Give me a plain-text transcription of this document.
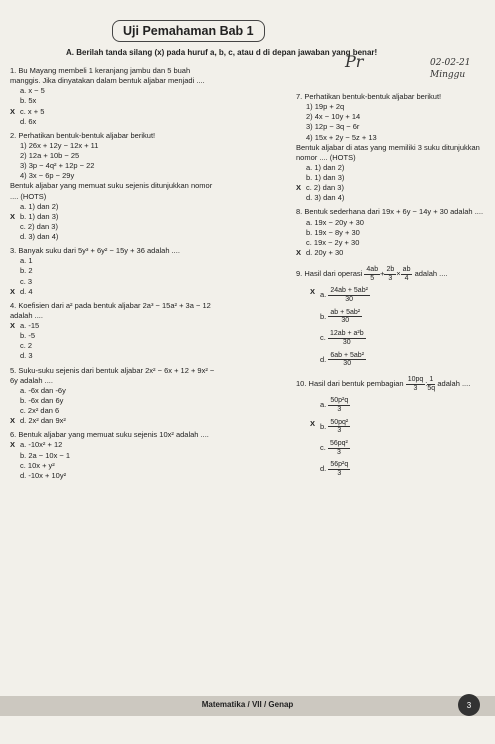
Uji Pemahaman Bab 1
Pr	02-02-21
Minggu
A. Berilah tanda silang (x) pada huruf a, b, c, atau d di depan jawaban yang benar!
1. Bu Mayang membeli 1 keranjang jambu dan 5 buah manggis. Jika dinyatakan dalam bentuk aljabar menjadi ....
a. x − 5
b. 5x
X c. x + 5
d. 6x
2. Perhatikan bentuk-bentuk aljabar berikut!
1) 26x + 12y − 12x + 11
2) 12a + 10b − 25
3) 3p − 4q² + 12p − 22
4) 3x − 6p − 29y
Bentuk aljabar yang memuat suku sejenis ditunjukkan nomor .... (HOTS)
a. 1) dan 2)
X b. 1) dan 3)
c. 2) dan 3)
d. 3) dan 4)
3. Banyak suku dari 5y³ + 6y² − 15y + 36 adalah ....
a. 1
b. 2
c. 3
X d. 4
4. Koefisien dari a² pada bentuk aljabar 2a³ − 15a² + 3a − 12 adalah ....
X a. -15
b. -5
c. 2
d. 3
5. Suku-suku sejenis dari bentuk aljabar 2x² − 6x + 12 + 9x² − 6y adalah ....
a. -6x dan -6y
b. -6x dan 6y
c. 2x² dan 6
X d. 2x² dan 9x²
6. Bentuk aljabar yang memuat suku sejenis 10x² adalah ....
X a. -10x² + 12
b. 2a − 10x − 1
c. 10x + y²
d. -10x + 10y²
7. Perhatikan bentuk-bentuk aljabar berikut!
1) 19p + 2q
2) 4x − 10y + 14
3) 12p − 3q − 6r
4) 15x + 2y − 5z + 13
Bentuk aljabar di atas yang memiliki 3 suku ditunjukkan nomor .... (HOTS)
a. 1) dan 2)
b. 1) dan 3)
X c. 2) dan 3)
d. 3) dan 4)
8. Bentuk sederhana dari 19x + 6y − 14y + 30 adalah ....
a. 19x − 20y + 30
b. 19x − 8y + 30
c. 19x − 2y + 30
X d. 20y + 30
9. Hasil dari operasi $\frac{4ab}{5} + \frac{2b}{3} \times \frac{ab}{4}$ adalah ....
X a. $\frac{\text{24ab + 5ab²}}{30}$
b. $\frac{\text{ab + 5ab²}}{30}$
c. $\frac{\text{12ab + a²b}}{30}$
d. $\frac{\text{6ab + 5ab²}}{30}$
10. Hasil dari bentuk pembagian $\frac{10pq}{3}$ : $\frac{1}{5q}$ adalah ....
a. $\frac{\text{50p²q}}{3}$
X b. $\frac{\text{50pq²}}{3}$
c. $\frac{\text{56pq²}}{3}$
d. $\frac{\text{56p²q}}{3}$
Matematika / VII / Genap	3
